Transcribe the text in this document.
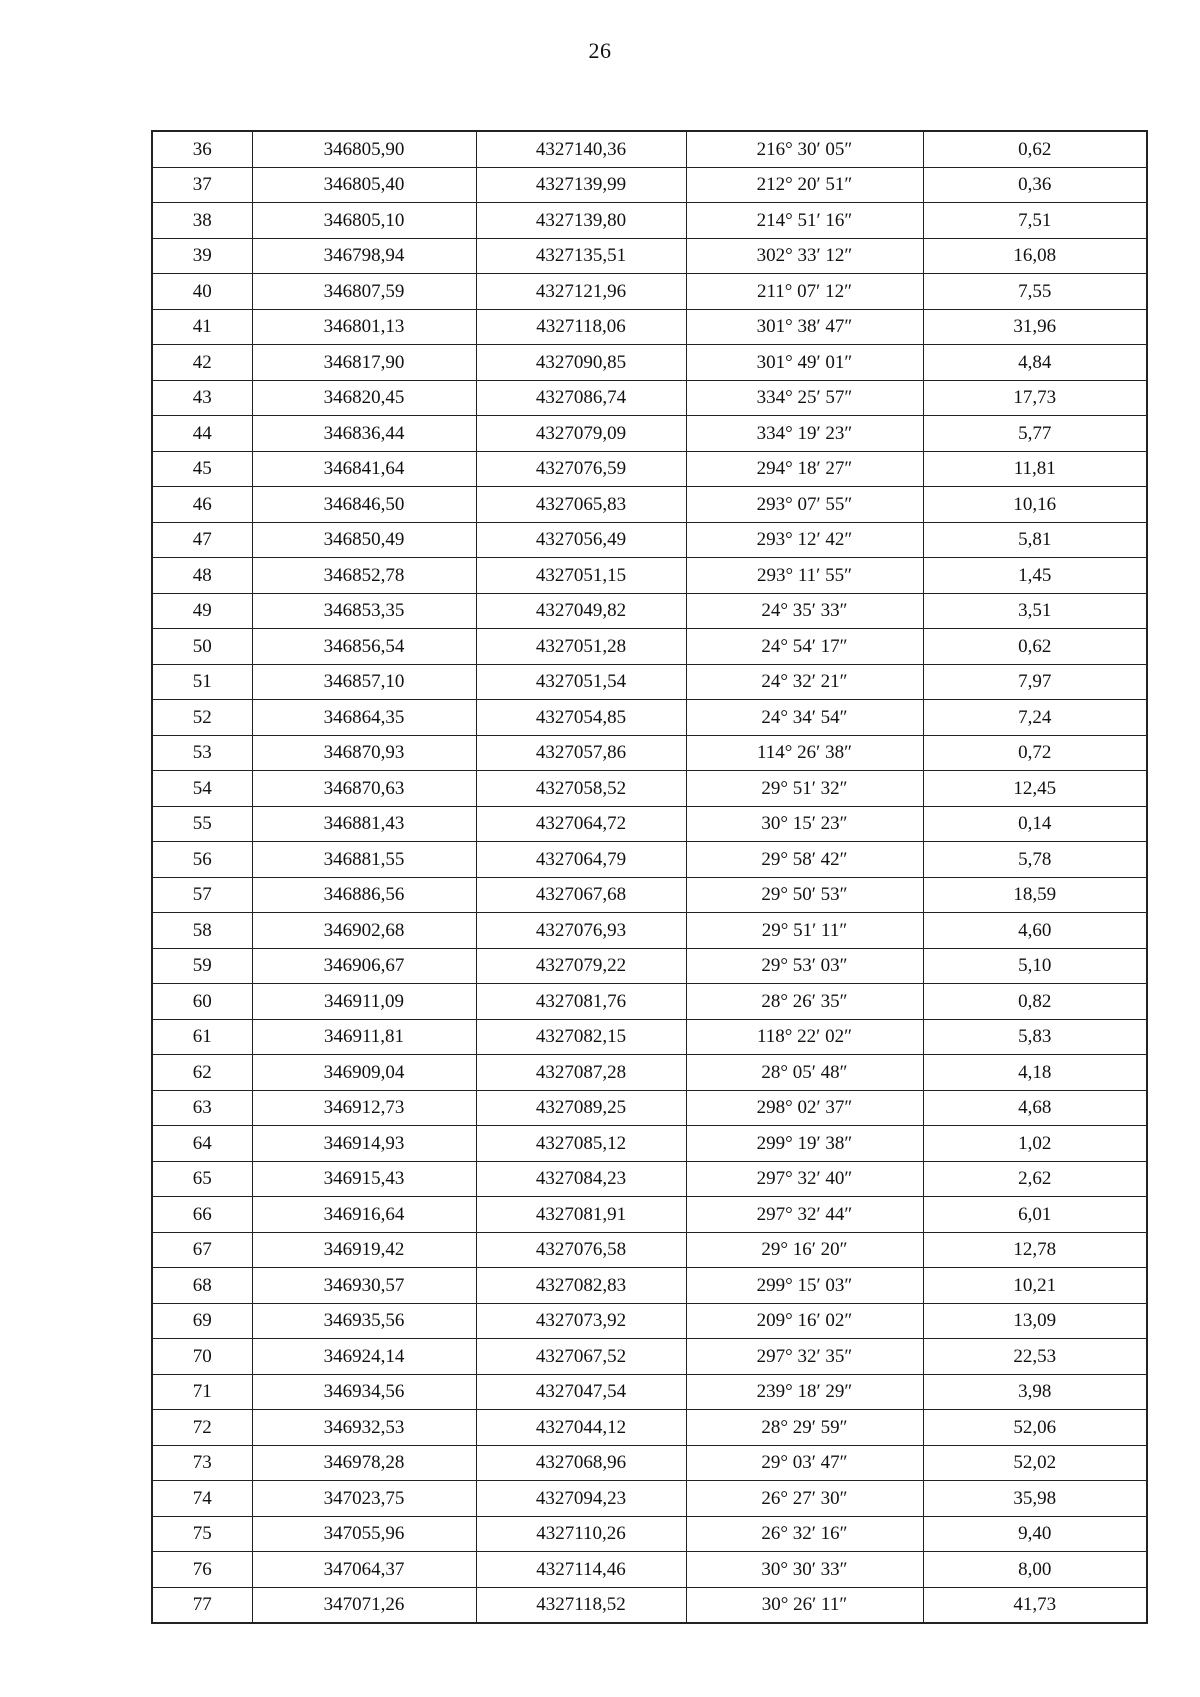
26
36	346805,90	4327140,36	216° 30′ 05″	0,62
37	346805,40	4327139,99	212° 20′ 51″	0,36
38	346805,10	4327139,80	214° 51′ 16″	7,51
39	346798,94	4327135,51	302° 33′ 12″	16,08
40	346807,59	4327121,96	211° 07′ 12″	7,55
41	346801,13	4327118,06	301° 38′ 47″	31,96
42	346817,90	4327090,85	301° 49′ 01″	4,84
43	346820,45	4327086,74	334° 25′ 57″	17,73
44	346836,44	4327079,09	334° 19′ 23″	5,77
45	346841,64	4327076,59	294° 18′ 27″	11,81
46	346846,50	4327065,83	293° 07′ 55″	10,16
47	346850,49	4327056,49	293° 12′ 42″	5,81
48	346852,78	4327051,15	293° 11′ 55″	1,45
49	346853,35	4327049,82	24° 35′ 33″	3,51
50	346856,54	4327051,28	24° 54′ 17″	0,62
51	346857,10	4327051,54	24° 32′ 21″	7,97
52	346864,35	4327054,85	24° 34′ 54″	7,24
53	346870,93	4327057,86	114° 26′ 38″	0,72
54	346870,63	4327058,52	29° 51′ 32″	12,45
55	346881,43	4327064,72	30° 15′ 23″	0,14
56	346881,55	4327064,79	29° 58′ 42″	5,78
57	346886,56	4327067,68	29° 50′ 53″	18,59
58	346902,68	4327076,93	29° 51′ 11″	4,60
59	346906,67	4327079,22	29° 53′ 03″	5,10
60	346911,09	4327081,76	28° 26′ 35″	0,82
61	346911,81	4327082,15	118° 22′ 02″	5,83
62	346909,04	4327087,28	28° 05′ 48″	4,18
63	346912,73	4327089,25	298° 02′ 37″	4,68
64	346914,93	4327085,12	299° 19′ 38″	1,02
65	346915,43	4327084,23	297° 32′ 40″	2,62
66	346916,64	4327081,91	297° 32′ 44″	6,01
67	346919,42	4327076,58	29° 16′ 20″	12,78
68	346930,57	4327082,83	299° 15′ 03″	10,21
69	346935,56	4327073,92	209° 16′ 02″	13,09
70	346924,14	4327067,52	297° 32′ 35″	22,53
71	346934,56	4327047,54	239° 18′ 29″	3,98
72	346932,53	4327044,12	28° 29′ 59″	52,06
73	346978,28	4327068,96	29° 03′ 47″	52,02
74	347023,75	4327094,23	26° 27′ 30″	35,98
75	347055,96	4327110,26	26° 32′ 16″	9,40
76	347064,37	4327114,46	30° 30′ 33″	8,00
77	347071,26	4327118,52	30° 26′ 11″	41,73
